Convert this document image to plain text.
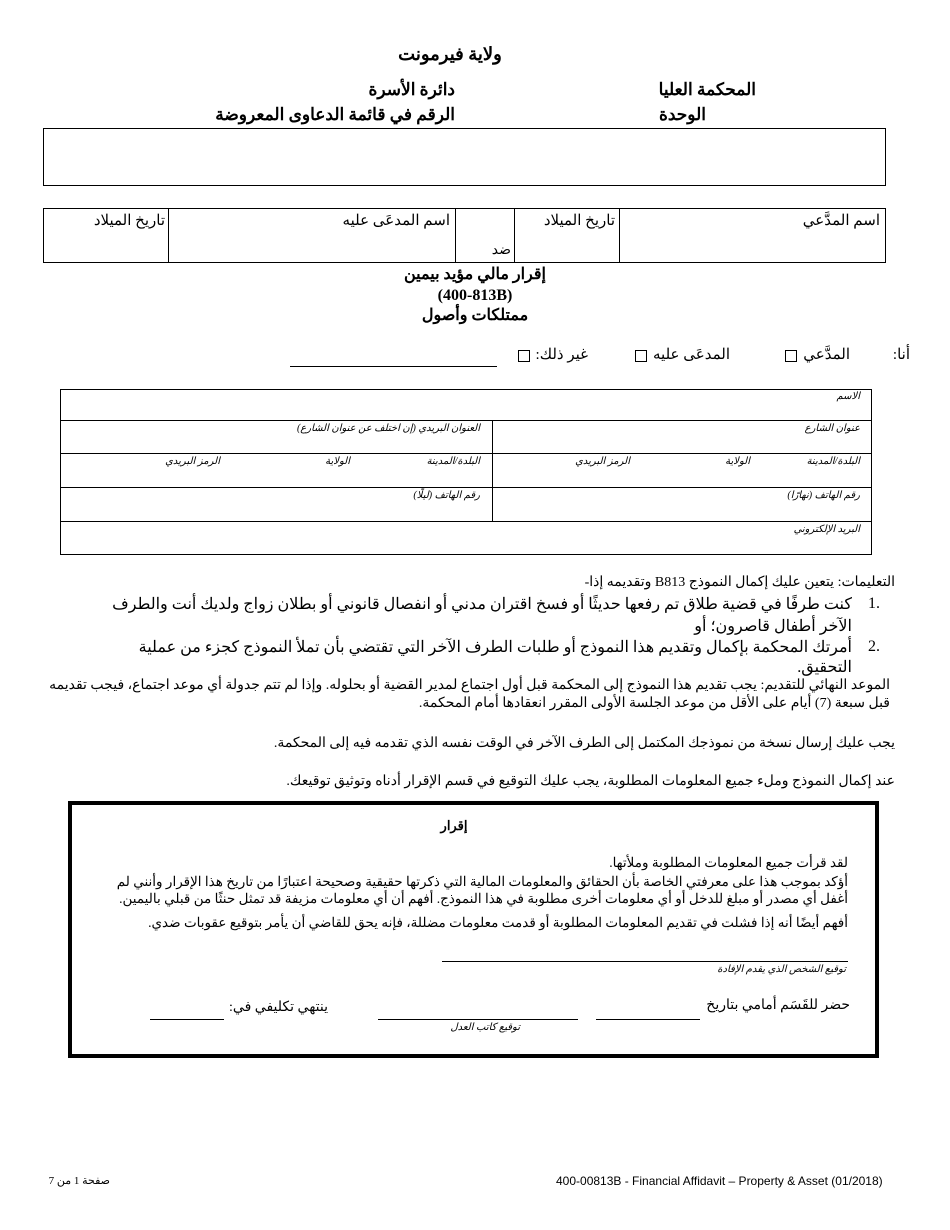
ولاية فيرمونت
المحكمة العليا
الوحدة
دائرة الأسرة
الرقم في قائمة الدعاوى المعروضة
اسم المدَّعي
تاريخ الميلاد
ضد
اسم المدعَى عليه
تاريخ الميلاد
إقرار مالي مؤيد بيمين
(400-813B)
ممتلكات وأصول
أنا:
المدَّعي
المدعَى عليه
غير ذلك:
الاسم
عنوان الشارع
العنوان البريدي (إن اختلف عن عنوان الشارع)
البلدة/المدينة
الولاية
الرمز البريدي
البلدة/المدينة
الولاية
الرمز البريدي
رقم الهاتف (نهارًا)
رقم الهاتف (ليلًا)
البريد الإلكتروني
التعليمات: يتعين عليك إكمال النموذج B813 وتقديمه إذا-
.1
كنت طرفًا في قضية طلاق تم رفعها حديثًا أو فسخ اقتران مدني أو انفصال قانوني أو بطلان زواج ولديك أنت والطرف الآخر أطفال قاصرون؛ أو
.2
أمرتك المحكمة بإكمال وتقديم هذا النموذج أو طلبات الطرف الآخر التي تقتضي بأن تملأ النموذج كجزء من عملية التحقيق.
الموعد النهائي للتقديم: يجب تقديم هذا النموذج إلى المحكمة قبل أول اجتماع لمدير القضية أو بحلوله. وإذا لم تتم جدولة أي موعد اجتماع، فيجب تقديمه قبل سبعة (7) أيام على الأقل من موعد الجلسة الأولى المقرر انعقادها أمام المحكمة.
يجب عليك إرسال نسخة من نموذجك المكتمل إلى الطرف الآخر في الوقت نفسه الذي تقدمه فيه إلى المحكمة.
عند إكمال النموذج وملء جميع المعلومات المطلوبة، يجب عليك التوقيع في قسم الإقرار أدناه وتوثيق توقيعك.
إقرار
لقد قرأت جميع المعلومات المطلوبة وملأتها.
أؤكد بموجب هذا على معرفتي الخاصة بأن الحقائق والمعلومات المالية التي ذكرتها حقيقية وصحيحة اعتبارًا من تاريخ هذا الإقرار وأنني لم أغفل أي مصدر أو مبلغ للدخل أو أي معلومات أخرى مطلوبة في هذا النموذج. أفهم أن أي معلومات مزيفة قد تمثل حنثًا من قبلي باليمين.
أفهم أيضًا أنه إذا فشلت في تقديم المعلومات المطلوبة أو قدمت معلومات مضللة، فإنه يحق للقاضي أن يأمر بتوقيع عقوبات ضدي.
توقيع الشخص الذي يقدم الإفادة
حضر للقَسَم أمامي بتاريخ
توقيع كاتب العدل
ينتهي تكليفي في:
400-00813B - Financial Affidavit – Property & Asset (01/2018)
صفحة 1 من 7
